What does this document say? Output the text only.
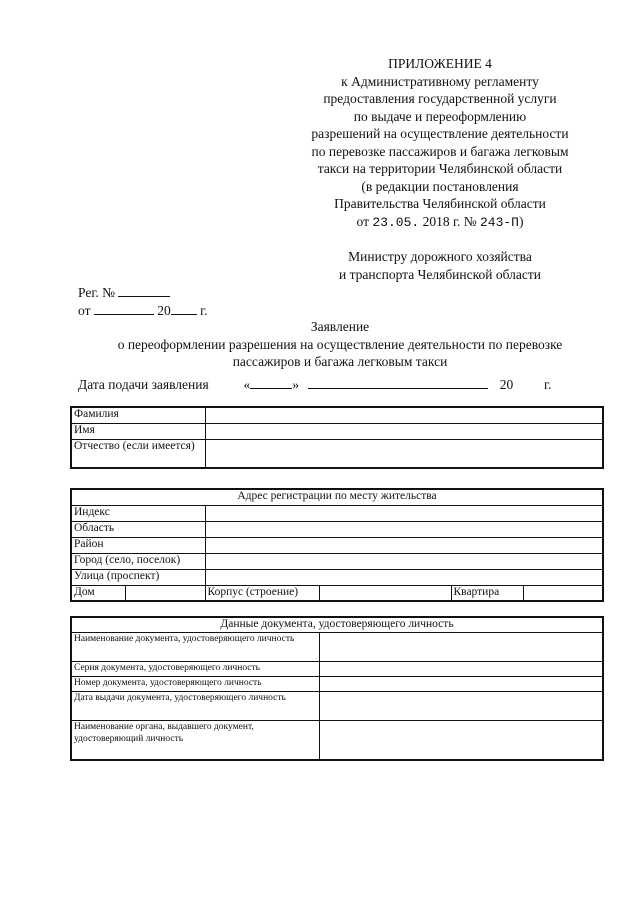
ПРИЛОЖЕНИЕ 4
к Административному регламенту
предоставления государственной услуги
по выдаче и переоформлению
разрешений на осуществление деятельности
по перевозке пассажиров и багажа легковым
такси на территории Челябинской области
(в редакции постановления
Правительства Челябинской области
от 23.05. 2018 г. № 243-П)
Министру дорожного хозяйства
и транспорта Челябинской области
Рег. №
от	20 г.
Заявление
о переоформлении разрешения на осуществление деятельности по перевозке
пассажиров и багажа легковым такси
Дата подачи заявления	«	»	20 г.
Фамилия	
Имя	
Отчество (если имеется)	
Адрес регистрации по месту жительства					
Индекс					
Область					
Район					
Город (село, поселок)					
Улица (проспект)					
Дом		Корпус (строение)		Квартира	
Данные документа, удостоверяющего личность	
Наименование документа, удостоверяющего личность	
Серия документа, удостоверяющего личность	
Номер документа, удостоверяющего личность	
Дата выдачи документа, удостоверяющего личность	
Наименование органа, выдавшего документ, удостоверяющий личность	
